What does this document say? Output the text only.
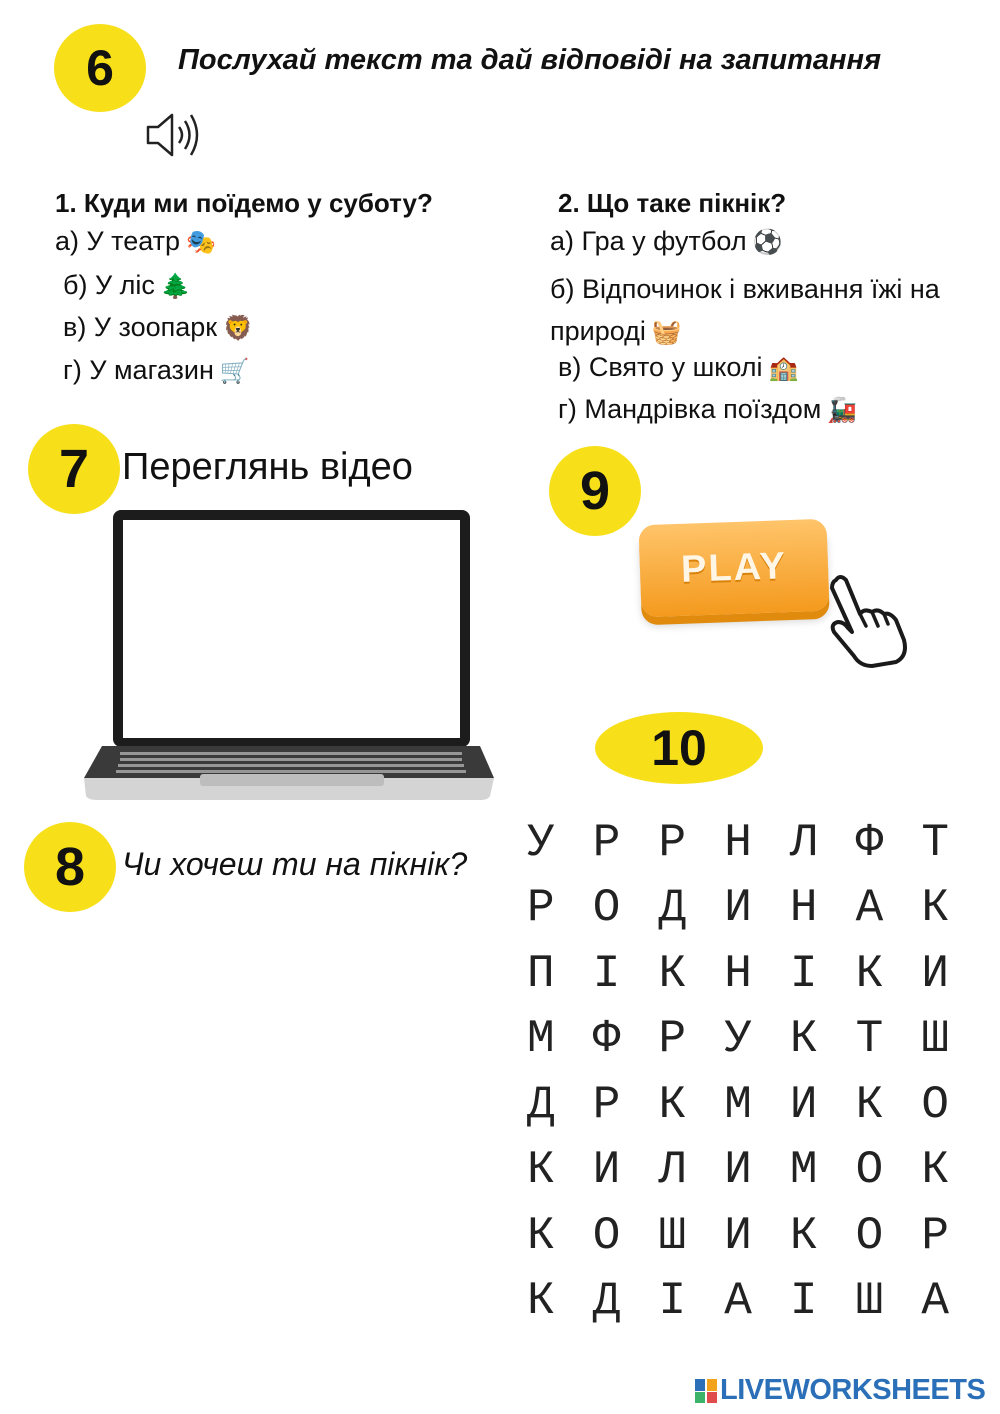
6 Послухай текст та дай відповіді на запитання
1. Куди ми поїдемо у суботу?
а) У театр 🎭
б) У ліс 🌲
в) У зоопарк 🦁
г) У магазин 🛒
2. Що таке пікнік?
а) Гра у футбол ⚽
б) Відпочинок і вживання їжі на
природі 🧺
в) Свято у школі 🏫
г) Мандрівка поїздом 🚂
7 Переглянь відео
8 Чи хочеш ти на пікнік?
9
PLAY
10
У Р Р Н Л Ф Т
Р О Д И Н А К
П І К Н І К И
М Ф Р У К Т Ш
Д Р К М И К О
К И Л И М О К
К О Ш И К О Р
К Д І А І Ш А
LIVEWORKSHEETS
